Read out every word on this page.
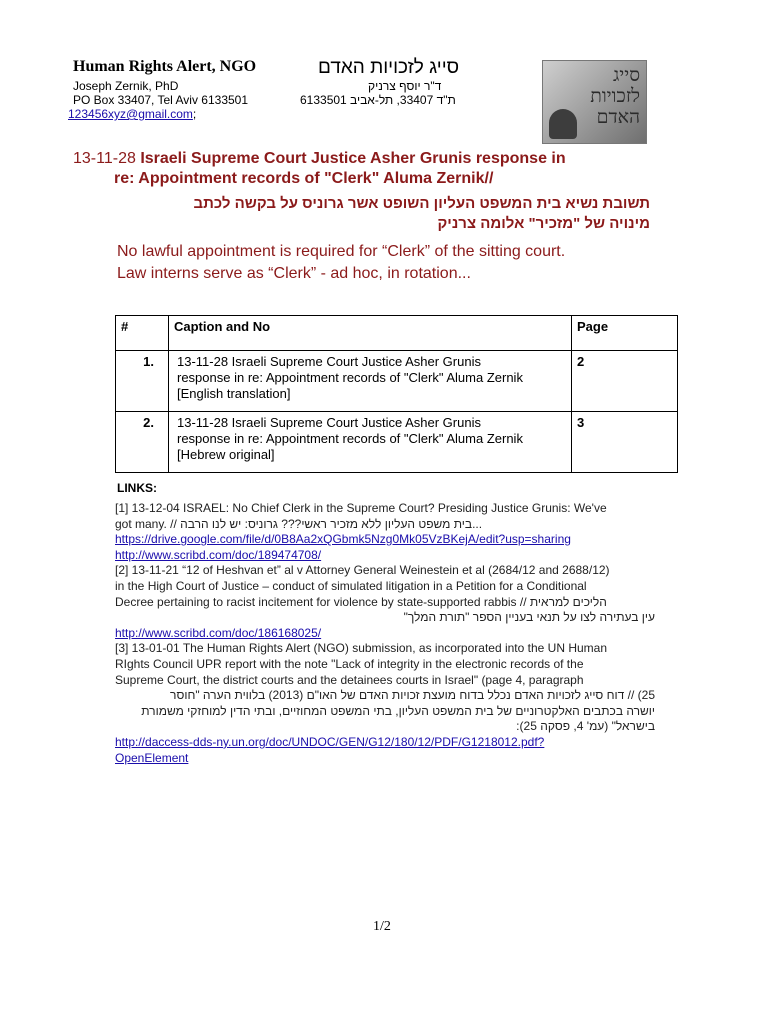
Human Rights Alert, NGO	סייג לזכויות האדם
Joseph Zernik, PhD	ד"ר יוסף צרניק
PO Box 33407, Tel Aviv 6133501	ת"ד 33407, תל-אביב 6133501
123456xyz@gmail.com;
סייג
לזכויות
האדם
13-11-28 Israeli Supreme Court Justice Asher Grunis response in
re: Appointment records of "Clerk" Aluma Zernik//
תשובת נשיא בית המשפט העליון השופט אשר גרוניס על בקשה לכתב
מינויה של "מזכיר" אלומה צרניק
No lawful appointment is required for “Clerk” of the sitting court.
Law interns serve as “Clerk” - ad hoc, in rotation...
#	Caption and No	Page
1.	13-11-28 Israeli Supreme Court Justice Asher Grunis
response in re: Appointment records of "Clerk" Aluma Zernik
[English translation]	2
2.	13-11-28 Israeli Supreme Court Justice Asher Grunis
response in re: Appointment records of "Clerk" Aluma Zernik
[Hebrew original]	3
LINKS:

[1] 13-12-04 ISRAEL: No Chief Clerk in the Supreme Court? Presiding Justice Grunis: We've

got many. // בית משפט העליון ללא מזכיר ראשי??? גרוניס: יש לנו הרבה...

https://drive.google.com/file/d/0B8Aa2xQGbmk5Nzg0Mk05VzBKejA/edit?usp=sharing

http://www.scribd.com/doc/189474708/

[2] 13-11-21 “12 of Heshvan et” al v Attorney General Weinestein et al (2684/12 and 2688/12)

in the High Court of Justice – conduct of simulated litigation in a Petition for a Conditional

Decree pertaining to racist incitement for violence by state-supported rabbis // הליכים למראית

עין בעתירה לצו על תנאי בעניין הספר "תורת המלך"

http://www.scribd.com/doc/186168025/

[3] 13-01-01 The Human Rights Alert (NGO) submission, as incorporated into the UN Human

RIghts Council UPR report with the note "Lack of integrity in the electronic records of the

Supreme Court, the district courts and the detainees courts in Israel" (page 4, paragraph

25) // דוח סייג לזכויות האדם נכלל בדוח מועצת זכויות האדם של האו"ם (2013) בלווית הערה "חוסר

יושרה בכתבים האלקטרוניים של בית המשפט העליון, בתי המשפט המחוזיים, ובתי הדין למוחזקי משמורת

בישראל" (עמ' 4, פסקה 25):

http://daccess-dds-ny.un.org/doc/UNDOC/GEN/G12/180/12/PDF/G1218012.pdf?

OpenElement

1/2
